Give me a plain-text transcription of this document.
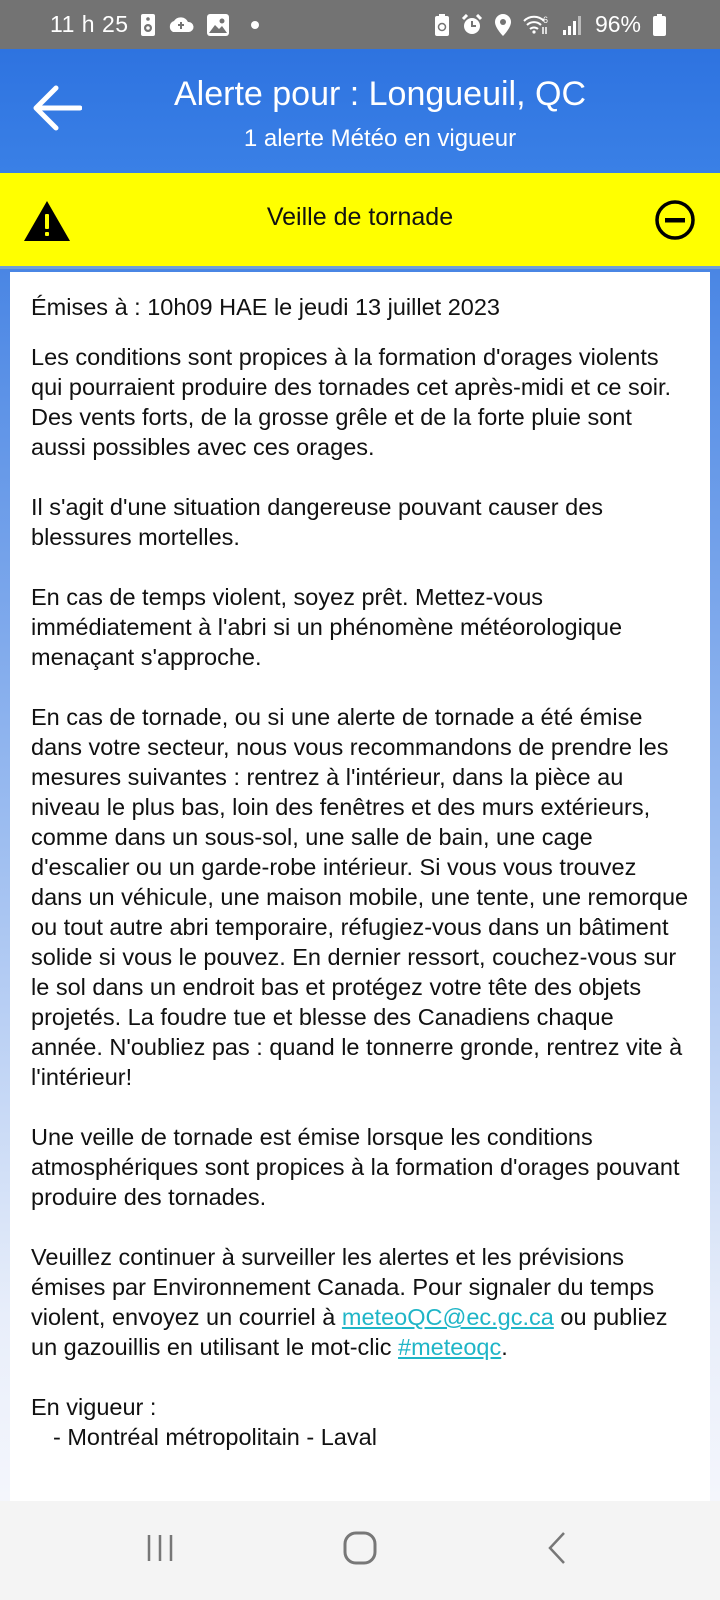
11 h 25	6 96%
Alerte pour : Longueuil, QC
1 alerte Météo en vigueur
Veille de tornade
Émises à : 10h09 HAE le jeudi 13 juillet 2023

Les conditions sont propices à la formation d'orages violents qui pourraient produire des tornades cet après-midi et ce soir. Des vents forts, de la grosse grêle et de la forte pluie sont aussi possibles avec ces orages.

Il s'agit d'une situation dangereuse pouvant causer des blessures mortelles.

En cas de temps violent, soyez prêt. Mettez-vous immédiatement à l'abri si un phénomène météorologique menaçant s'approche.

En cas de tornade, ou si une alerte de tornade a été émise dans votre secteur, nous vous recommandons de prendre les mesures suivantes : rentrez à l'intérieur, dans la pièce au niveau le plus bas, loin des fenêtres et des murs extérieurs, comme dans un sous-sol, une salle de bain, une cage d'escalier ou un garde-robe intérieur. Si vous vous trouvez dans un véhicule, une maison mobile, une tente, une remorque ou tout autre abri temporaire, réfugiez-vous dans un bâtiment solide si vous le pouvez. En dernier ressort, couchez-vous sur le sol dans un endroit bas et protégez votre tête des objets projetés. La foudre tue et blesse des Canadiens chaque année. N'oubliez pas : quand le tonnerre gronde, rentrez vite à l'intérieur!

Une veille de tornade est émise lorsque les conditions atmosphériques sont propices à la formation d'orages pouvant produire des tornades.

Veuillez continuer à surveiller les alertes et les prévisions émises par Environnement Canada. Pour signaler du temps violent, envoyez un courriel à meteoQC@ec.gc.ca ou publiez un gazouillis en utilisant le mot-clic #meteoqc.

En vigueur :
- Montréal métropolitain - Laval
